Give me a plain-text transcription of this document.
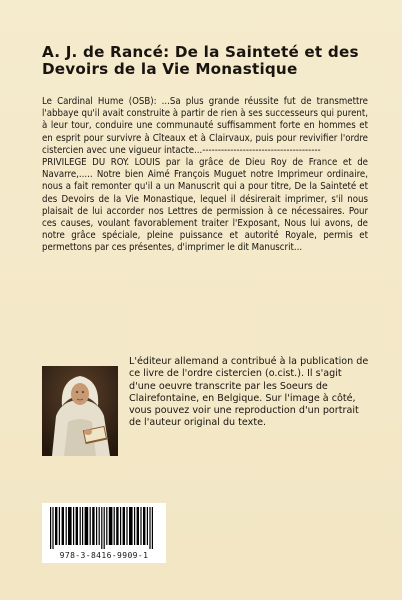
A. J. de Rancé: De la Sainteté et des Devoirs de la Vie Monastique

Le Cardinal Hume (OSB): ...Sa plus grande réussite fut de transmettre l'abbaye qu'il avait construite à partir de rien à ses successeurs qui purent, à leur tour, conduire une communauté suffisamment forte en hommes et en esprit pour survivre à Cîteaux et à Clairvaux, puis pour revivifier l'ordre cistercien avec une vigueur intacte...--------------------------------------

PRIVILEGE DU ROY. LOUIS par la grâce de Dieu Roy de France et de Navarre,..... Notre bien Aimé François Muguet notre Imprimeur ordinaire, nous a fait remonter qu'il a un Manuscrit qui a pour titre, De la Sainteté et des Devoirs de la Vie Monastique, lequel il désirerait imprimer, s'il nous plaisait de lui accorder nos Lettres de permission à ce nécessaires. Pour ces causes, voulant favorablement traiter l'Exposant, Nous lui avons, de notre grâce spéciale, pleine puissance et autorité Royale, permis et permettons par ces présentes, d'imprimer le dit Manuscrit...

L'éditeur allemand a contribué à la publication de ce livre de l'ordre cistercien (o.cist.). Il s'agit d'une oeuvre transcrite par les Soeurs de Clairefontaine, en Belgique. Sur l'image à côté, vous pouvez voir une reproduction d'un portrait de l'auteur original du texte.

978-3-8416-9909-1
